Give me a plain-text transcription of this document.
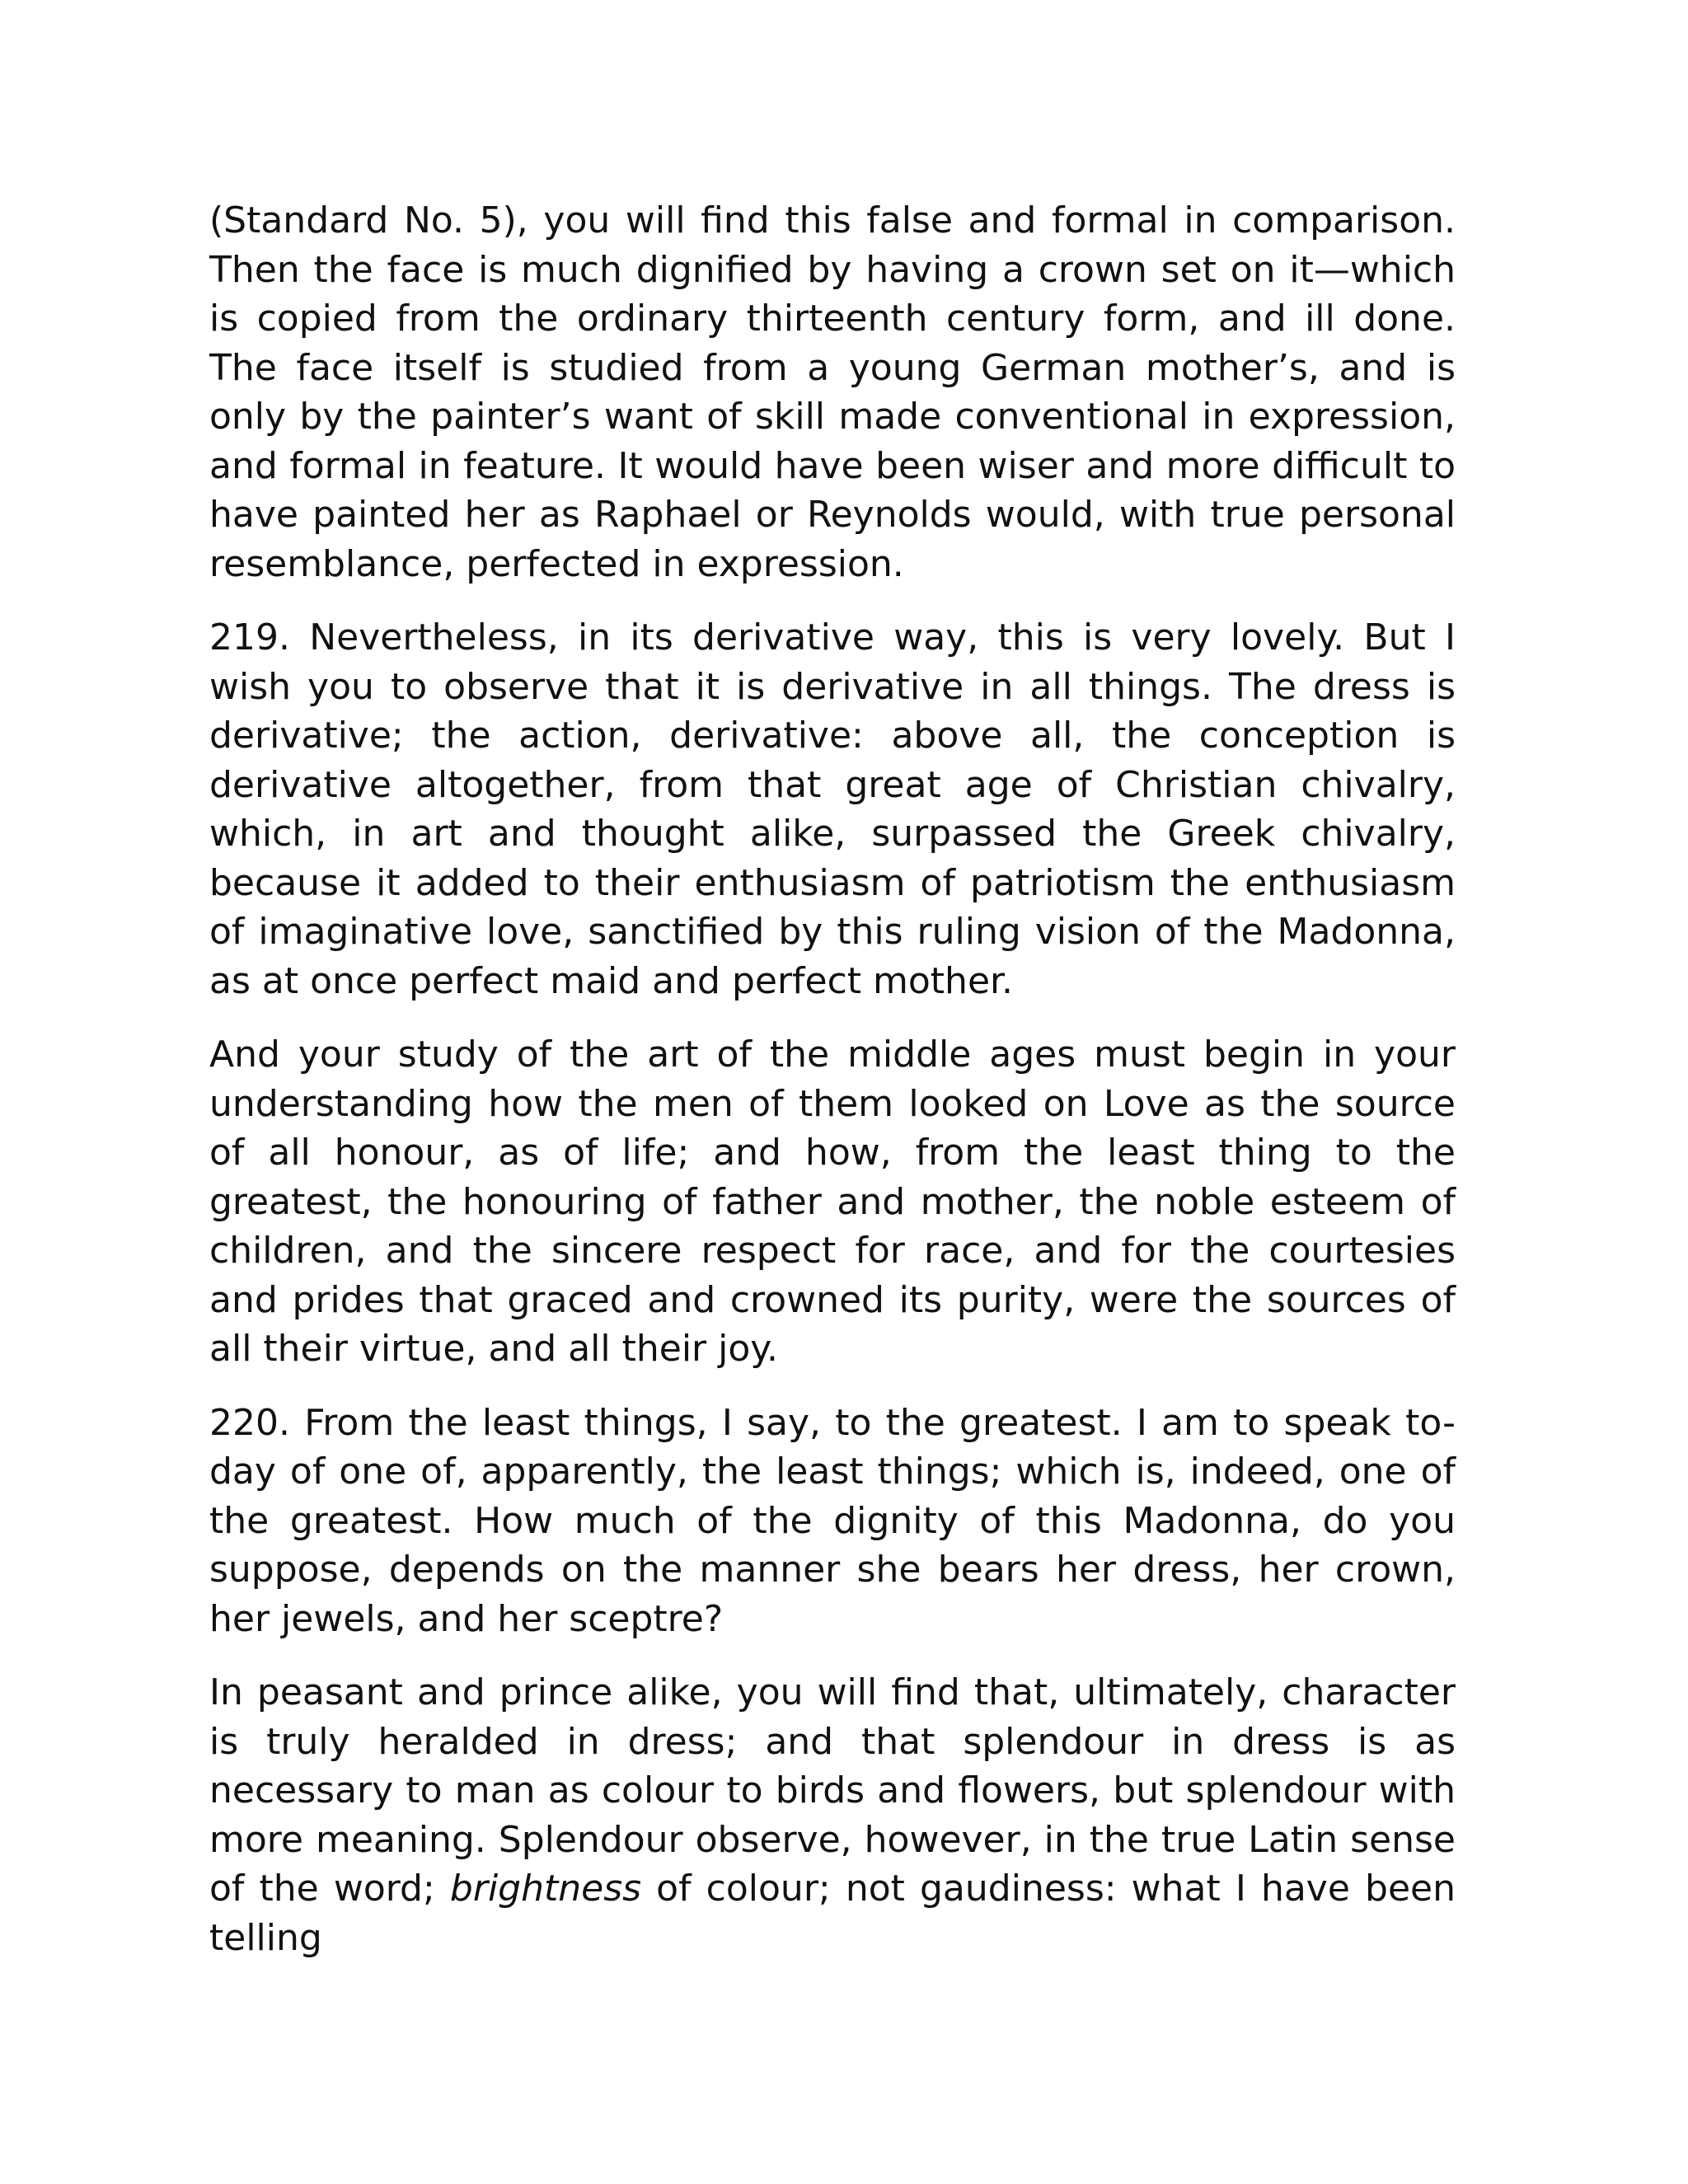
(Standard No. 5), you will find this false and formal in comparison. Then the face is much dignified by having a crown set on it—which is copied from the ordinary thirteenth century form, and ill done. The face itself is studied from a young German mother’s, and is only by the painter’s want of skill made conventional in expression, and formal in feature. It would have been wiser and more difficult to have painted her as Raphael or Reynolds would, with true personal resemblance, perfected in expression.

219. Nevertheless, in its derivative way, this is very lovely. But I wish you to observe that it is derivative in all things. The dress is derivative; the action, derivative: above all, the conception is derivative altogether, from that great age of Christian chivalry, which, in art and thought alike, surpassed the Greek chivalry, because it added to their enthusiasm of patriotism the enthusiasm of imaginative love, sanctified by this ruling vision of the Madonna, as at once perfect maid and perfect mother.

And your study of the art of the middle ages must begin in your understanding how the men of them looked on Love as the source of all honour, as of life; and how, from the least thing to the greatest, the honouring of father and mother, the noble esteem of children, and the sincere respect for race, and for the courtesies and prides that graced and crowned its purity, were the sources of all their virtue, and all their joy.

220. From the least things, I say, to the greatest. I am to speak to-day of one of, apparently, the least things; which is, indeed, one of the greatest. How much of the dignity of this Madonna, do you suppose, depends on the manner she bears her dress, her crown, her jewels, and her sceptre?

In peasant and prince alike, you will find that, ultimately, character is truly heralded in dress; and that splendour in dress is as necessary to man as colour to birds and flowers, but splendour with more meaning. Splendour observe, however, in the true Latin sense of the word; brightness of colour; not gaudiness: what I have been telling
